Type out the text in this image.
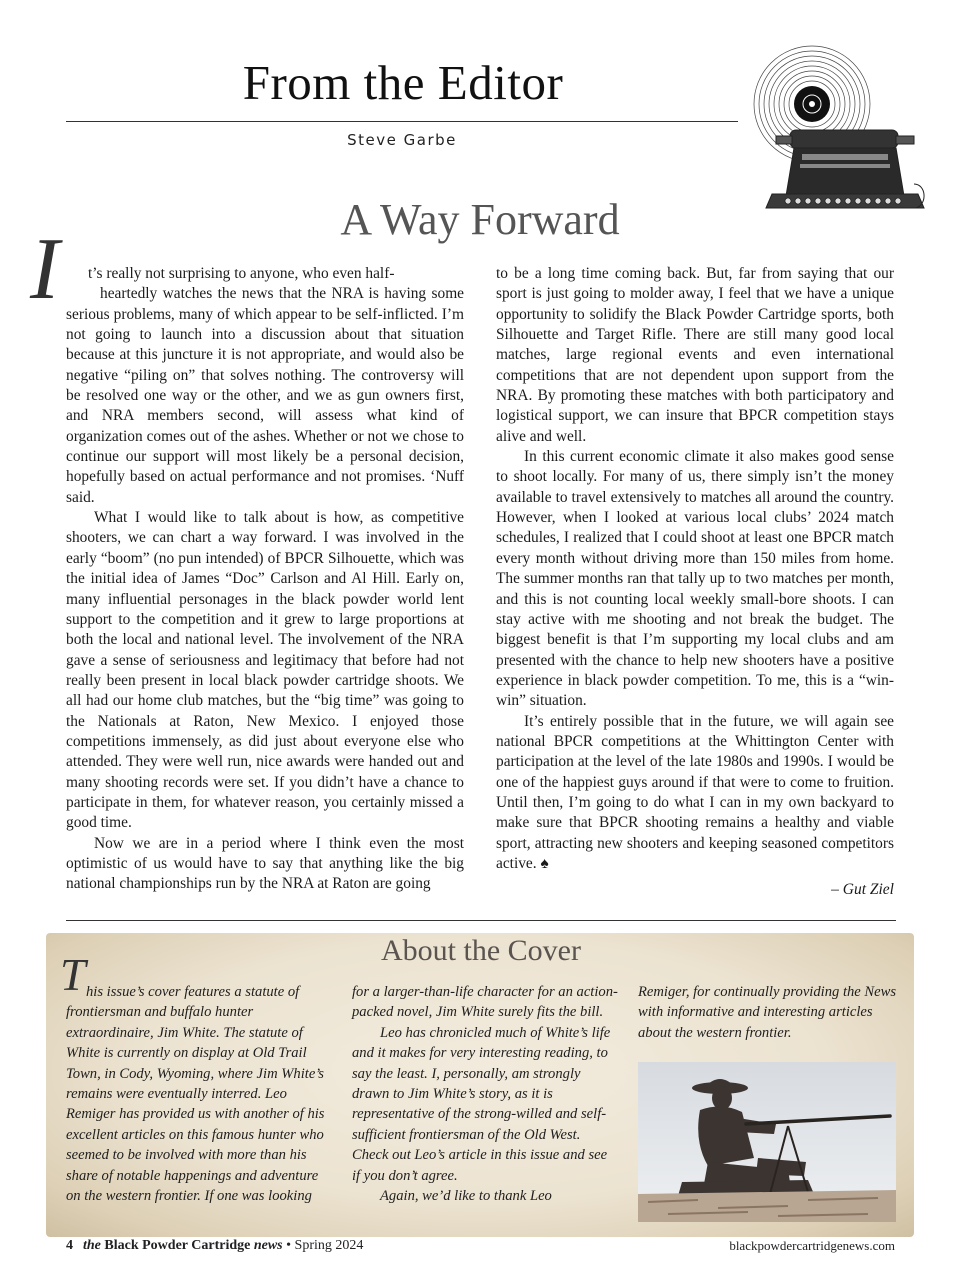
From the Editor
Steve Garbe
A Way Forward
I	t’s really not surprising to anyone, who even half-
heartedly watches the news that the NRA is having some serious problems, many of which appear to be self-inflicted. I’m not going to launch into a discussion about that situation because at this juncture it is not appropriate, and would also be negative “piling on” that solves nothing. The controversy will be resolved one way or the other, and we as gun owners first, and NRA members second, will assess what kind of organization comes out of the ashes. Whether or not we chose to continue our support will most likely be a personal decision, hopefully based on actual performance and not promises. ‘Nuff said.

What I would like to talk about is how, as competitive shooters, we can chart a way forward. I was involved in the early “boom” (no pun intended) of BPCR Silhouette, which was the initial idea of James “Doc” Carlson and Al Hill. Early on, many influential personages in the black powder world lent support to the competition and it grew to large proportions at both the local and national level. The involvement of the NRA gave a sense of seriousness and legitimacy that before had not really been present in local black powder cartridge shoots. We all had our home club matches, but the “big time” was going to the Nationals at Raton, New Mexico. I enjoyed those competitions immensely, as did just about everyone else who attended. They were well run, nice awards were handed out and many shooting records were set. If you didn’t have a chance to participate in them, for whatever reason, you certainly missed a good time.

Now we are in a period where I think even the most optimistic of us would have to say that anything like the big national championships run by the NRA at Raton are going

to be a long time coming back. But, far from saying that our sport is just going to molder away, I feel that we have a unique opportunity to solidify the Black Powder Cartridge sports, both Silhouette and Target Rifle. There are still many good local matches, large regional events and even international competitions that are not dependent upon support from the NRA. By promoting these matches with both participatory and logistical support, we can insure that BPCR competition stays alive and well.

In this current economic climate it also makes good sense to shoot locally. For many of us, there simply isn’t the money available to travel extensively to matches all around the country. However, when I looked at various local clubs’ 2024 match schedules, I realized that I could shoot at least one BPCR match every month without driving more than 150 miles from home. The summer months ran that tally up to two matches per month, and this is not counting local weekly small-bore shoots. I can stay active with me shooting and not break the budget. The biggest benefit is that I’m supporting my local clubs and am presented with the chance to help new shooters have a positive experience in black powder competition. To me, this is a “win-win” situation.

It’s entirely possible that in the future, we will again see national BPCR competitions at the Whittington Center with participation at the level of the late 1980s and 1990s. I would be one of the happiest guys around if that were to come to fruition. Until then, I’m going to do what I can in my own backyard to make sure that BPCR shooting remains a healthy and viable sport, attracting new shooters and keeping seasoned competitors active. ♠

– Gut Ziel
About the Cover
T his issue’s cover features a statute of frontiersman and buffalo hunter extraordinaire, Jim White. The statute of White is currently on display at Old Trail Town, in Cody, Wyoming, where Jim White’s remains were eventually interred. Leo Remiger has provided us with another of his excellent articles on this famous hunter who seemed to be involved with more than his share of notable happenings and adventure on the western frontier. If one was looking

for a larger-than-life character for an action-packed novel, Jim White surely fits the bill.

Leo has chronicled much of White’s life and it makes for very interesting reading, to say the least. I, personally, am strongly drawn to Jim White’s story, as it is representative of the strong-willed and self-sufficient frontiersman of the Old West. Check out Leo’s article in this issue and see if you don’t agree.

Again, we’d like to thank Leo

Remiger, for continually providing the News with informative and interesting articles about the western frontier.

4 the Black Powder Cartridge news • Spring 2024	blackpowdercartridgenews.com
